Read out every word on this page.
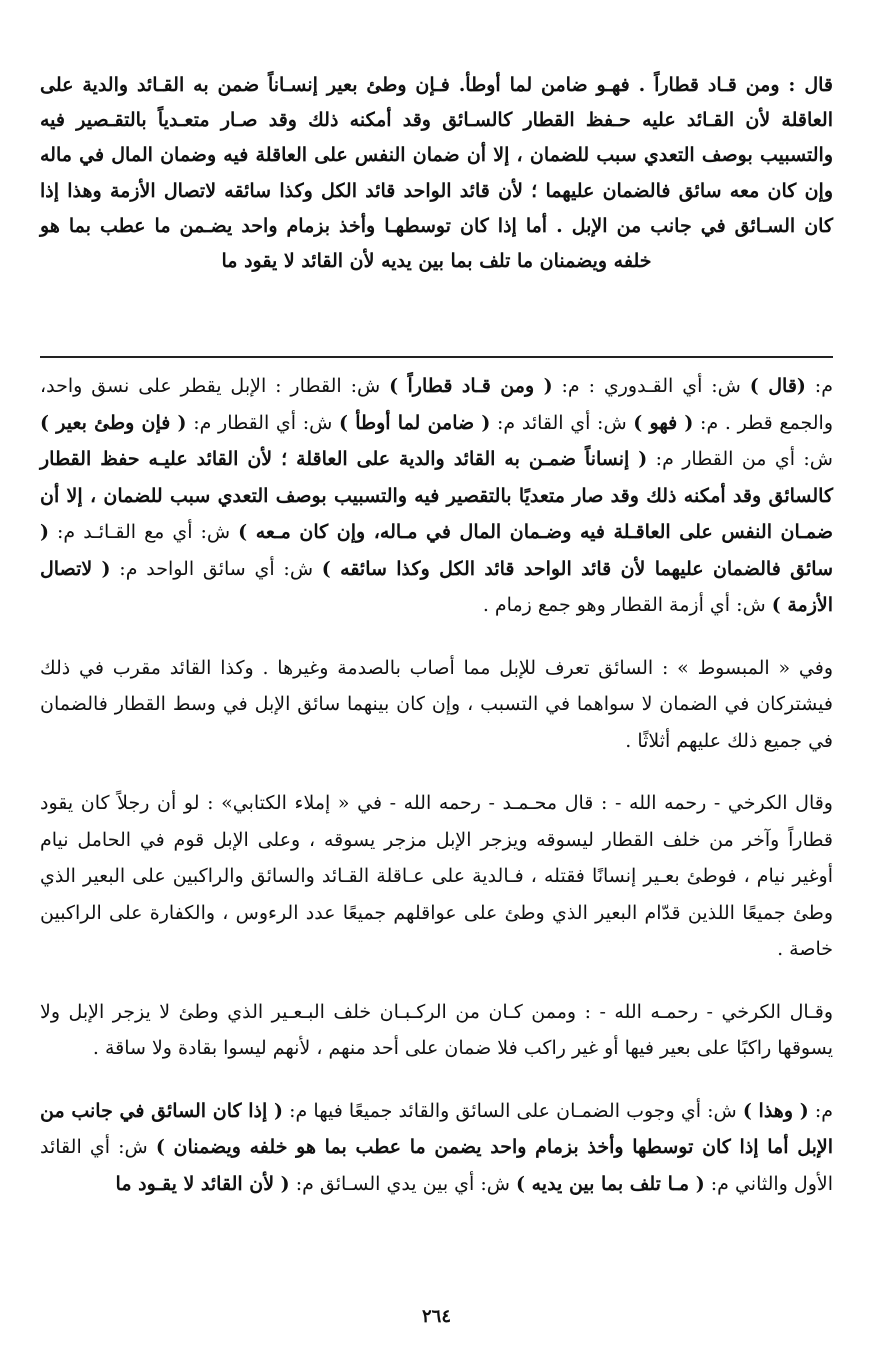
قال : ومن قـاد قطاراً . فهـو ضامن لما أوطأ. فـإن وطئ بعير إنسـاناً ضمن به القـائد والدية على العاقلة لأن القـائد عليه حـفظ القطار كالسـائق وقد أمكنه ذلك وقد صـار متعـدياً بالتقـصير فيه والتسبيب بوصف التعدي سبب للضمان ، إلا أن ضمان النفس على العاقلة فيه وضمان المال في ماله وإن كان معه سائق فالضمان عليهما ؛ لأن قائد الواحد قائد الكل وكذا سائقه لاتصال الأزمة وهذا إذا كان السـائق في جانب من الإبل . أما إذا كان توسطهـا وأخذ بزمام واحد يضـمن ما عطب بما هو خلفه ويضمنان ما تلف بما بين يديه لأن القائد لا يقود ما

م: (قال ) ش: أي القـدوري : م: ( ومن قـاد قطاراً ) ش: القطار : الإبل يقطر على نسق واحد، والجمع قطر . م: ( فهو ) ش: أي القائد م: ( ضامن لما أوطأ ) ش: أي القطار م: ( فإن وطئ بعير ) ش: أي من القطار م: ( إنساناً ضمـن به القائد والدية على العاقلة ؛ لأن القائد عليـه حفظ القطار كالسائق وقد أمكنه ذلك وقد صار متعديًا بالتقصير فيه والتسبيب بوصف التعدي سبب للضمان ، إلا أن ضمـان النفس على العاقـلة فيه وضـمان المال في مـاله، وإن كان مـعه ) ش: أي مع القـائـد م: ( سائق فالضمان عليهما لأن قائد الواحد قائد الكل وكذا سائقه ) ش: أي سائق الواحد م: ( لاتصال الأزمة ) ش: أي أزمة القطار وهو جمع زمام .

وفي « المبسوط » : السائق تعرف للإبل مما أصاب بالصدمة وغيرها . وكذا القائد مقرب في ذلك فيشتركان في الضمان لا سواهما في التسبب ، وإن كان بينهما سائق الإبل في وسط القطار فالضمان في جميع ذلك عليهم أثلاثًا .

وقال الكرخي - رحمه الله - : قال محـمـد - رحمه الله - في « إملاء الكتابي» : لو أن رجلاً كان يقود قطاراً وآخر من خلف القطار ليسوقه ويزجر الإبل مزجر يسوقه ، وعلى الإبل قوم في الحامل نيام أوغير نيام ، فوطئ بعـير إنسانًا فقتله ، فـالدية على عـاقلة القـائد والسائق والراكبين على البعير الذي وطئ جميعًا اللذين قدّام البعير الذي وطئ على عواقلهم جميعًا عدد الرءوس ، والكفارة على الراكبين خاصة .

وقـال الكرخي - رحمـه الله - : وممن كـان من الركـبـان خلف البـعـير الذي وطئ لا يزجر الإبل ولا يسوقها راكبًا على بعير فيها أو غير راكب فلا ضمان على أحد منهم ، لأنهم ليسوا بقادة ولا ساقة .

م: ( وهذا ) ش: أي وجوب الضمـان على السائق والقائد جميعًا فيها م: ( إذا كان السائق في جانب من الإبل أما إذا كان توسطها وأخذ بزمام واحد يضمن ما عطب بما هو خلفه ويضمنان ) ش: أي القائد الأول والثاني م: ( مـا تلف بما بين يديه ) ش: أي بين يدي السـائق م: ( لأن القائد لا يقـود ما

٢٦٤
